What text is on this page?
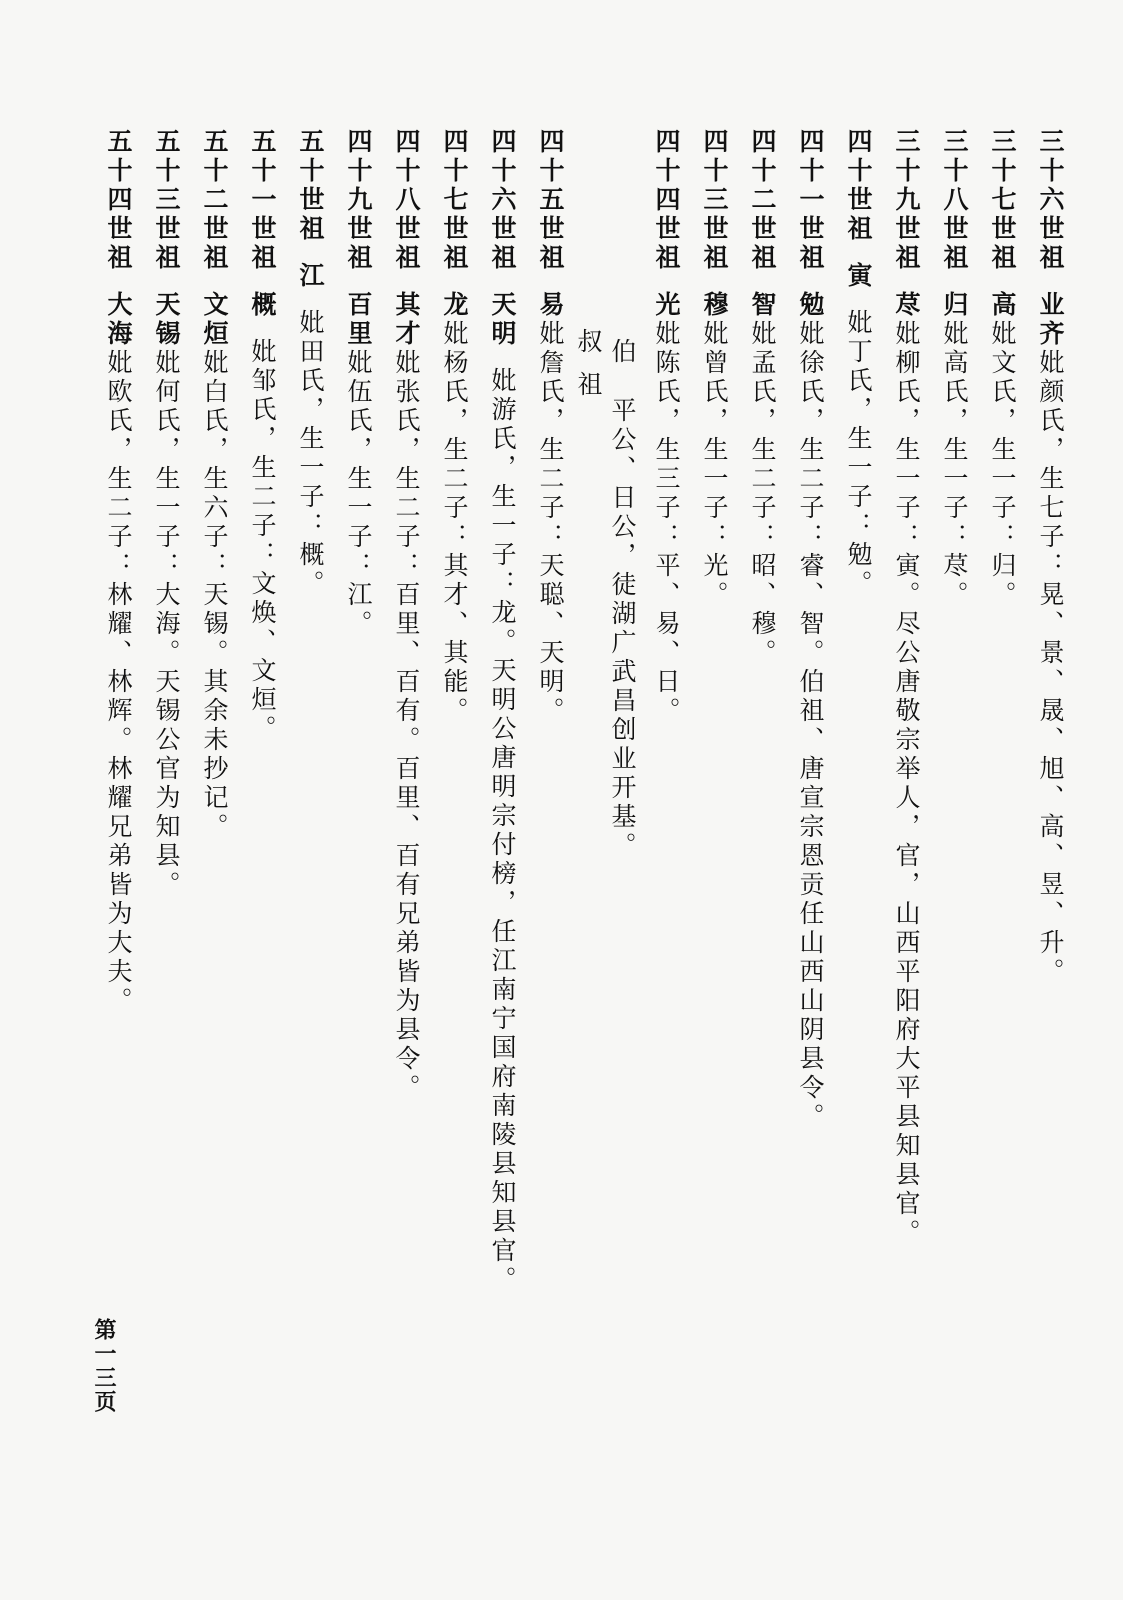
三十六世祖业齐妣颜氏，生七子：晃、景、晟、旭、高、昱、升。
三十七世祖高妣文氏，生一子：归。
三十八世祖归妣高氏，生一子：荩。
三十九世祖荩妣柳氏，生一子：寅。尽公唐敬宗举人，官，山西平阳府大平县知县官。
四十世祖寅妣丁氏，生一子：勉。
四十一世祖勉妣徐氏，生二子：睿、智。伯祖、唐宣宗恩贡任山西山阴县令。
四十二世祖智妣孟氏，生二子：昭、穆。
四十三世祖穆妣曾氏，生一子：光。
四十四世祖光妣陈氏，生三子：平、易、日。
伯平公、日公，徒湖广武昌创业开基。
叔祖
四十五世祖易妣詹氏，生二子：天聪、天明。
四十六世祖天明妣游氏，生一子：龙。天明公唐明宗付榜，任江南宁国府南陵县知县官。
四十七世祖龙妣杨氏，生二子：其才、其能。
四十八世祖其才妣张氏，生二子：百里、百有。百里、百有兄弟皆为县令。
四十九世祖百里妣伍氏，生一子：江。
五十世祖江妣田氏，生一子：概。
五十一世祖概妣邹氏，生二子：文焕、文烜。
五十二世祖文烜妣白氏，生六子：天锡。其余未抄记。
五十三世祖天锡妣何氏，生一子：大海。天锡公官为知县。
五十四世祖大海妣欧氏，生二子：林耀、林辉。林耀兄弟皆为大夫。
第一三页
